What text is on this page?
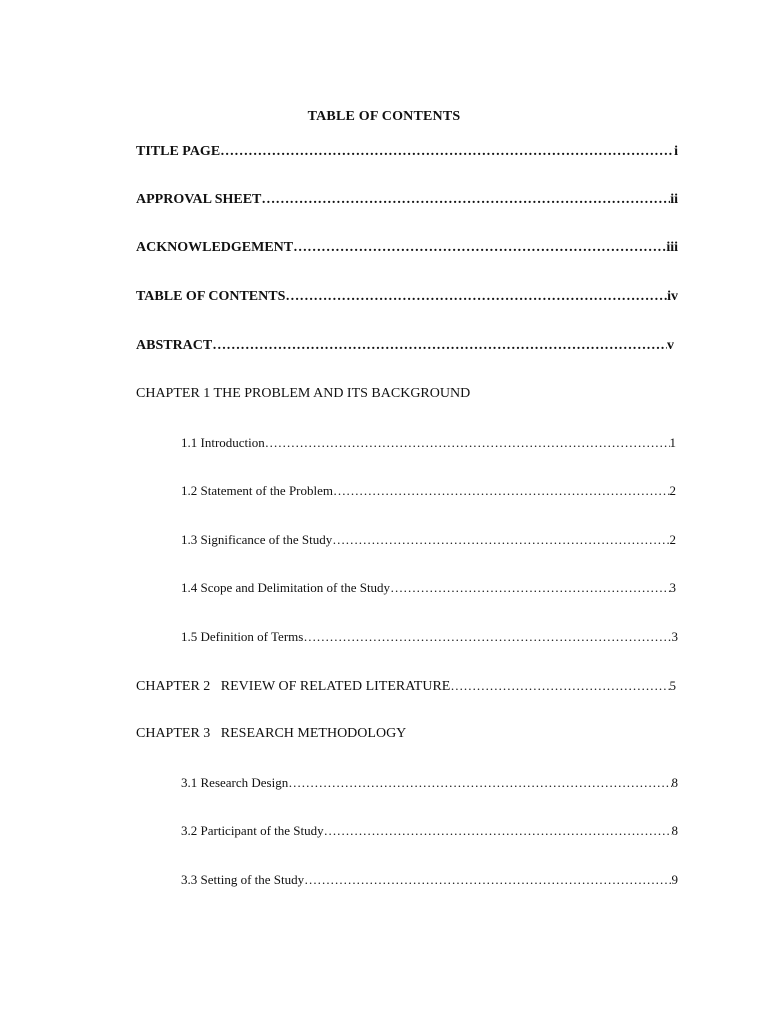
TABLE OF CONTENTS
TITLE PAGE ……………………………………………………………………………………………………………………………………………………………………………………	i
APPROVAL SHEET ……………………………………………………………………………………………………………………………………………………………………………………	ii
ACKNOWLEDGEMENT ……………………………………………………………………………………………………………………………………………………………………………………	iii
TABLE OF CONTENTS ……………………………………………………………………………………………………………………………………………………………………………………	iv
ABSTRACT ……………………………………………………………………………………………………………………………………………………………………………………	v
CHAPTER 1 THE PROBLEM AND ITS BACKGROUND
1.1 Introduction ……………………………………………………………………………………………………………………………………………………………………………………	1
1.2 Statement of the Problem ……………………………………………………………………………………………………………………………………………………………………………………	2
1.3 Significance of the Study ……………………………………………………………………………………………………………………………………………………………………………………	2
1.4 Scope and Delimitation of the Study ……………………………………………………………………………………………………………………………………………………………………………………	3
1.5 Definition of Terms ……………………………………………………………………………………………………………………………………………………………………………………	3
CHAPTER 2   REVIEW OF RELATED LITERATURE ……………………………………………………………………………………………………………………………………………………………………………………	5
CHAPTER 3   RESEARCH METHODOLOGY
3.1 Research Design ……………………………………………………………………………………………………………………………………………………………………………………	8
3.2 Participant of the Study ……………………………………………………………………………………………………………………………………………………………………………………	8
3.3 Setting of the Study ……………………………………………………………………………………………………………………………………………………………………………………	9
